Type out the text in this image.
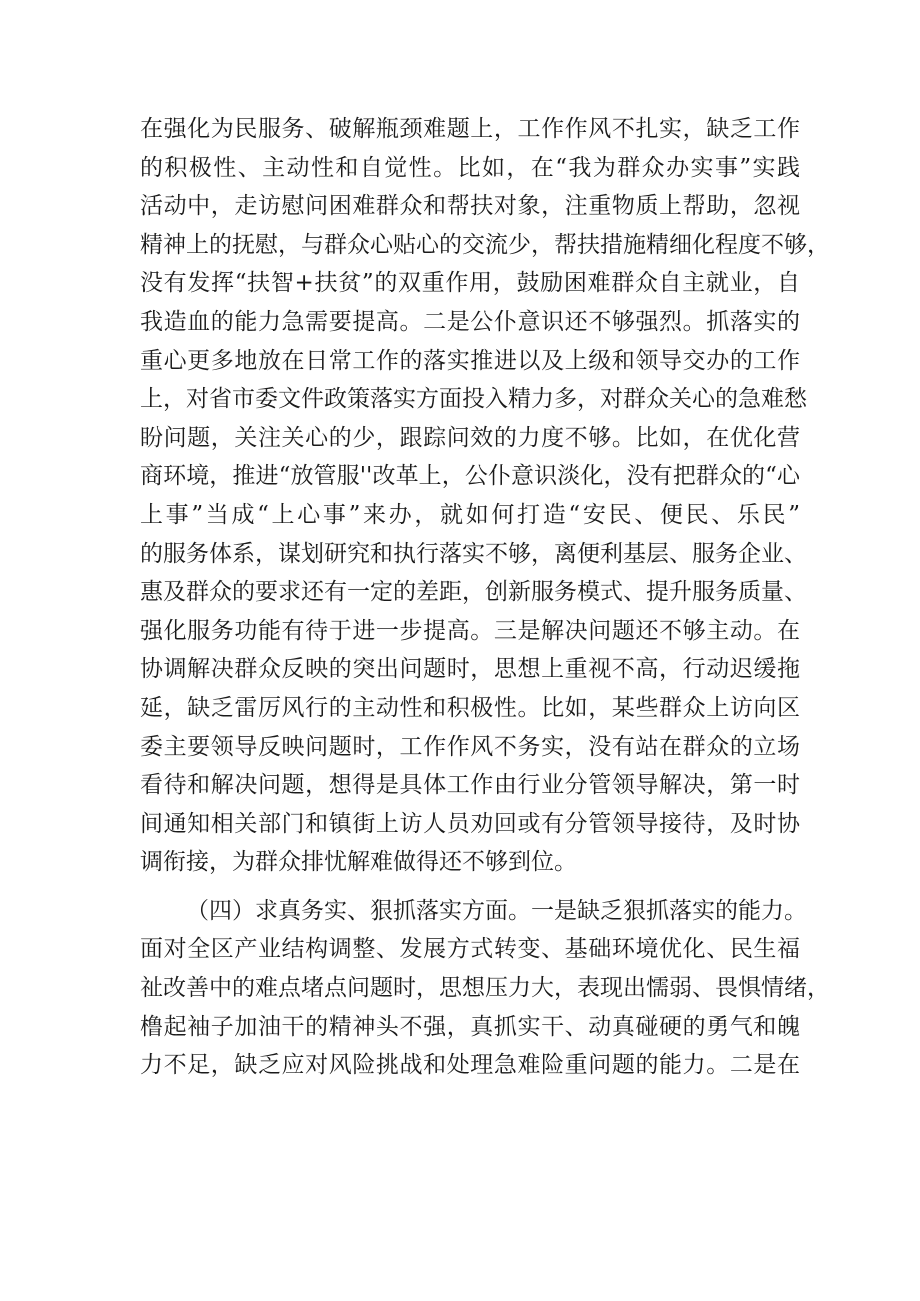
在强化为民服务、破解瓶颈难题上，工作作风不扎实，缺乏工作
的积极性、主动性和自觉性。比如，在“我为群众办实事”实践
活动中，走访慰问困难群众和帮扶对象，注重物质上帮助，忽视
精神上的抚慰，与群众心贴心的交流少，帮扶措施精细化程度不够，
没有发挥“扶智+扶贫”的双重作用，鼓励困难群众自主就业，自
我造血的能力急需要提高。二是公仆意识还不够强烈。抓落实的
重心更多地放在日常工作的落实推进以及上级和领导交办的工作
上，对省市委文件政策落实方面投入精力多，对群众关心的急难愁
盼问题，关注关心的少，跟踪问效的力度不够。比如，在优化营
商环境，推进“放管服''改革上，公仆意识淡化，没有把群众的“心
上事”当成“上心事”来办，就如何打造“安民、便民、乐民”
的服务体系，谋划研究和执行落实不够，离便利基层、服务企业、
惠及群众的要求还有一定的差距，创新服务模式、提升服务质量、
强化服务功能有待于进一步提高。三是解决问题还不够主动。在
协调解决群众反映的突出问题时，思想上重视不高，行动迟缓拖
延，缺乏雷厉风行的主动性和积极性。比如，某些群众上访向区
委主要领导反映问题时，工作作风不务实，没有站在群众的立场
看待和解决问题，想得是具体工作由行业分管领导解决，第一时
间通知相关部门和镇街上访人员劝回或有分管领导接待，及时协
调衔接，为群众排忧解难做得还不够到位。
（四）求真务实、狠抓落实方面。一是缺乏狠抓落实的能力。
面对全区产业结构调整、发展方式转变、基础环境优化、民生福
祉改善中的难点堵点问题时，思想压力大，表现出懦弱、畏惧情绪，
橹起袖子加油干的精神头不强，真抓实干、动真碰硬的勇气和魄
力不足，缺乏应对风险挑战和处理急难险重问题的能力。二是在
